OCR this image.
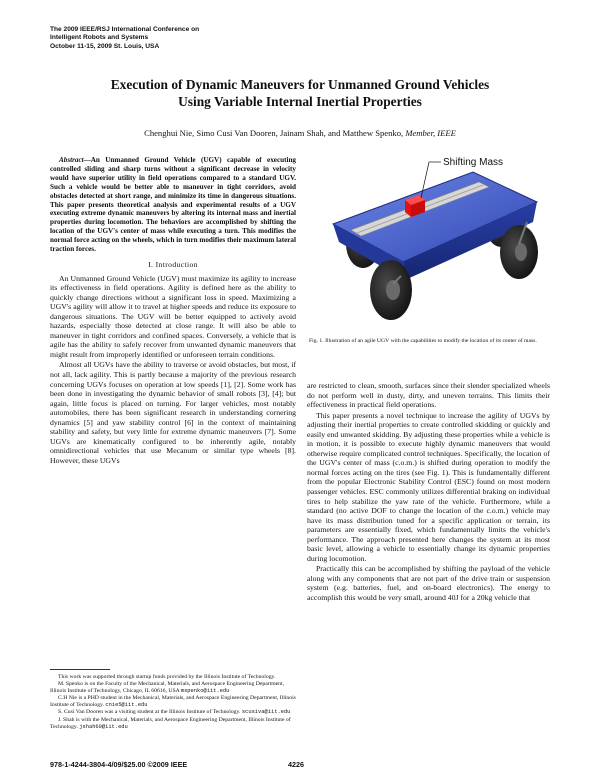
The 2009 IEEE/RSJ International Conference on
Intelligent Robots and Systems
October 11-15, 2009 St. Louis, USA
Execution of Dynamic Maneuvers for Unmanned Ground Vehicles
Using Variable Internal Inertial Properties
Chenghui Nie, Simo Cusi Van Dooren, Jainam Shah, and Matthew Spenko, Member, IEEE

Abstract—An Unmanned Ground Vehicle (UGV) capable of executing controlled sliding and sharp turns without a significant decrease in velocity would have superior utility in field operations compared to a standard UGV. Such a vehicle would be better able to maneuver in tight corridors, avoid obstacles detected at short range, and minimize its time in dangerous situations. This paper presents theoretical analysis and experimental results of a UGV executing extreme dynamic maneuvers by altering its internal mass and inertial properties during locomotion. The behaviors are accomplished by shifting the location of the UGV's center of mass while executing a turn. This modifies the normal force acting on the wheels, which in turn modifies their maximum lateral traction forces.

I. Introduction

An Unmanned Ground Vehicle (UGV) must maximize its agility to increase its effectiveness in field operations. Agility is defined here as the ability to quickly change directions without a significant loss in speed. Maximizing a UGV's agility will allow it to travel at higher speeds and reduce its exposure to dangerous situations. The UGV will be better equipped to actively avoid hazards, especially those detected at close range. It will also be able to maneuver in tight corridors and confined spaces. Conversely, a vehicle that is agile has the ability to safely recover from unwanted dynamic maneuvers that might result from improperly identified or unforeseen terrain conditions.

Almost all UGVs have the ability to traverse or avoid obstacles, but most, if not all, lack agility. This is partly because a majority of the previous research concerning UGVs focuses on operation at low speeds [1], [2]. Some work has been done in investigating the dynamic behavior of small robots [3], [4]; but again, little focus is placed on turning. For larger vehicles, most notably automobiles, there has been significant research in understanding cornering dynamics [5] and yaw stability control [6] in the context of maintaining stability and safety, but very little for extreme dynamic maneuvers [7]. Some UGVs are kinematically configured to be inherently agile, notably omnidirectional vehicles that use Mecanum or similar type wheels [8]. However, these UGVs

This work was supported through startup funds provided by the Illinois Institute of Technology.

M. Spenko is on the Faculty of the Mechanical, Materials, and Aerospace Engineering Department, Illinois Institute of Technology, Chicago, IL 60616, USA mspenko@iit.edu

C.H Nie is a PHD student in the Mechanical, Materials, and Aerospace Engineering Department, Illinois Institute of Technology. cnie5@iit.edu

S. Cusi Van Dooren was a visiting student at the Illinois Institute of Technology. scusiva@iit.edu

J. Shah is with the Mechanical, Materials, and Aerospace Engineering Department, Illinois Institute of Technology. jshah60@iit.edu

Shifting Mass
Fig. 1. Illustration of an agile UGV with the capabilities to modify the location of its center of mass.

are restricted to clean, smooth, surfaces since their slender specialized wheels do not perform well in dusty, dirty, and uneven terrains. This limits their effectiveness in practical field operations.

This paper presents a novel technique to increase the agility of UGVs by adjusting their inertial properties to create controlled skidding or quickly and easily end unwanted skidding. By adjusting these properties while a vehicle is in motion, it is possible to execute highly dynamic maneuvers that would otherwise require complicated control techniques. Specifically, the location of the UGV's center of mass (c.o.m.) is shifted during operation to modify the normal forces acting on the tires (see Fig. 1). This is fundamentally different from the popular Electronic Stability Control (ESC) found on most modern passenger vehicles. ESC commonly utilizes differential braking on individual tires to help stabilize the yaw rate of the vehicle. Furthermore, while a standard (no active DOF to change the location of the c.o.m.) vehicle may have its mass distribution tuned for a specific application or terrain, its parameters are essentially fixed, which fundamentally limits the vehicle's performance. The approach presented here changes the system at its most basic level, allowing a vehicle to essentially change its dynamic properties during locomotion.

Practically this can be accomplished by shifting the payload of the vehicle along with any components that are not part of the drive train or suspension system (e.g. batteries, fuel, and on-board electronics). The energy to accomplish this would be very small, around 40J for a 20kg vehicle that

978-1-4244-3804-4/09/$25.00 ©2009 IEEE	4226
